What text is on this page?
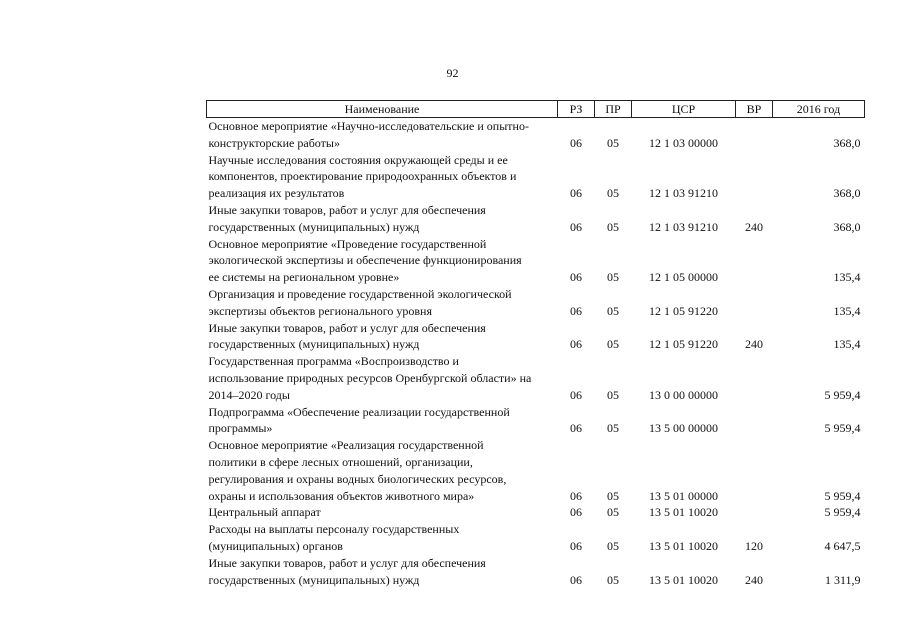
92
Наименование	РЗ	ПР	ЦСР	ВР	2016 год

Основное мероприятие «Научно-исследовательские и опытно-
конструкторские работы»	06	05	12 1 03 00000		368,0

Научные исследования состояния окружающей среды и ее
компонентов, проектирование природоохранных объектов и
реализация их результатов	06	05	12 1 03 91210		368,0

Иные закупки товаров, работ и услуг для обеспечения
государственных (муниципальных) нужд	06	05	12 1 03 91210	240	368,0

Основное мероприятие «Проведение государственной
экологической экспертизы и обеспечение функционирования
ее системы на региональном уровне»	06	05	12 1 05 00000		135,4

Организация и проведение государственной экологической
экспертизы объектов регионального уровня	06	05	12 1 05 91220		135,4

Иные закупки товаров, работ и услуг для обеспечения
государственных (муниципальных) нужд	06	05	12 1 05 91220	240	135,4

Государственная программа «Воспроизводство и
использование природных ресурсов Оренбургской области» на
2014–2020 годы	06	05	13 0 00 00000		5 959,4

Подпрограмма «Обеспечение реализации государственной
программы»	06	05	13 5 00 00000		5 959,4

Основное мероприятие «Реализация государственной
политики в сфере лесных отношений, организации,
регулирования и охраны водных биологических ресурсов,
охраны и использования объектов животного мира»	06	05	13 5 01 00000		5 959,4

Центральный аппарат	06	05	13 5 01 10020		5 959,4

Расходы на выплаты персоналу государственных
(муниципальных) органов	06	05	13 5 01 10020	120	4 647,5

Иные закупки товаров, работ и услуг для обеспечения
государственных (муниципальных) нужд	06	05	13 5 01 10020	240	1 311,9
